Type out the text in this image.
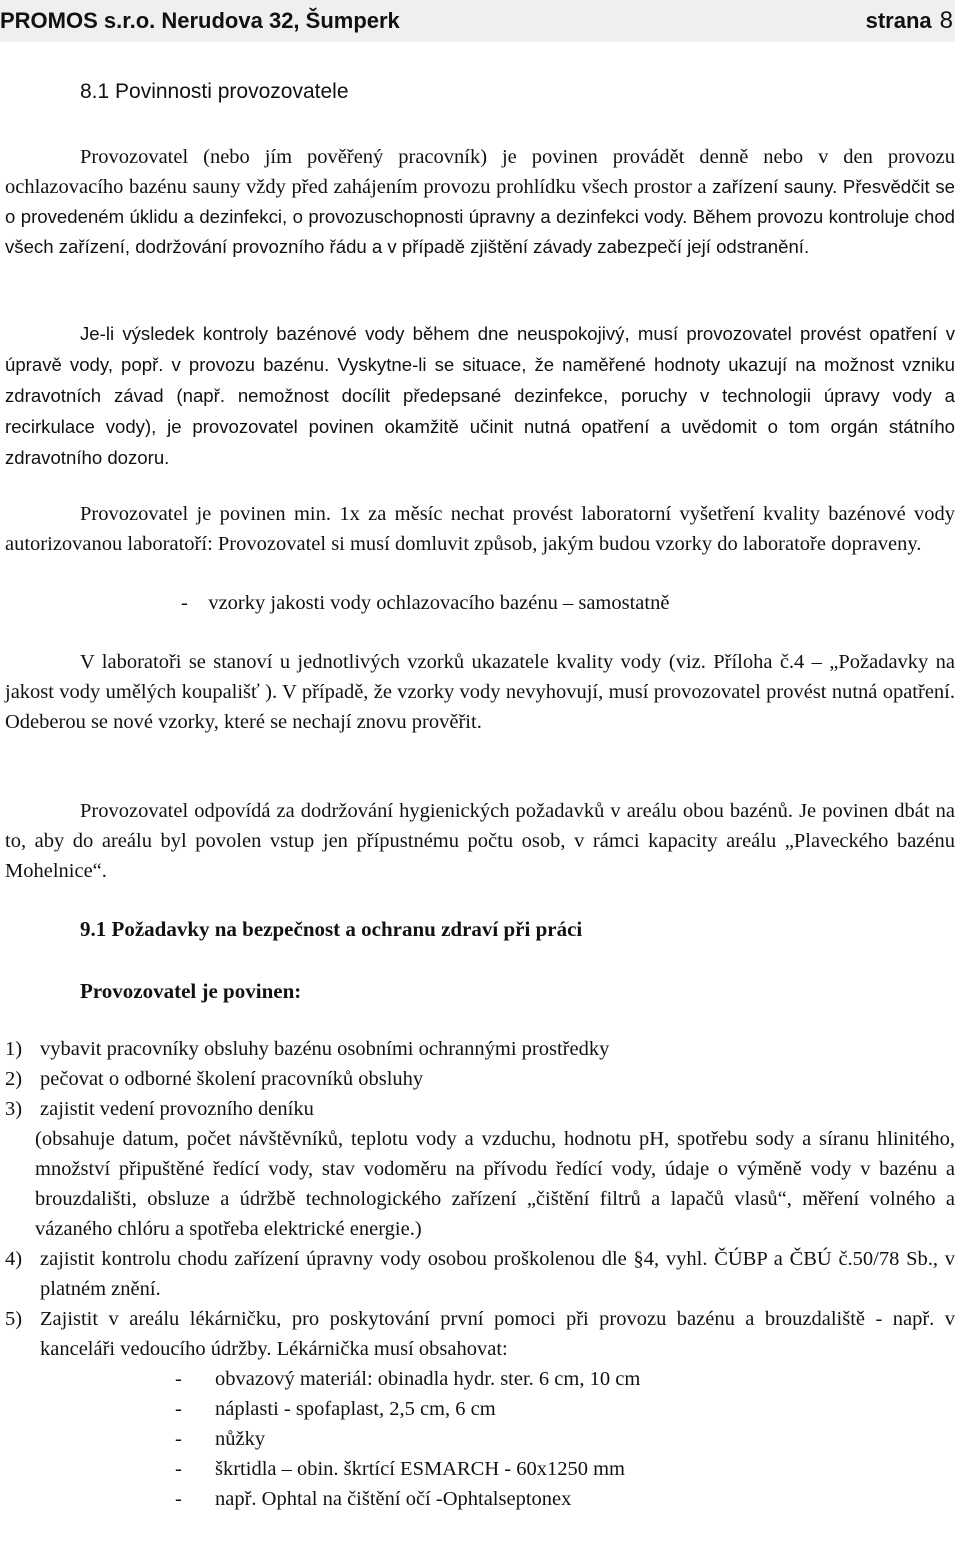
PROMOS s.r.o. Nerudova 32, Šumperk	strana 8
8.1 Povinnosti provozovatele

Provozovatel (nebo jím pověřený pracovník) je povinen provádět denně nebo v den provozu ochlazovacího bazénu sauny vždy před zahájením provozu prohlídku všech prostor a zařízení sauny. Přesvědčit se o provedeném úklidu a dezinfekci, o provozuschopnosti úpravny a dezinfekci vody. Během provozu kontroluje chod všech zařízení, dodržování provozního řádu a v případě zjištění závady zabezpečí její odstranění.

Je-li výsledek kontroly bazénové vody během dne neuspokojivý, musí provozovatel provést opatření v úpravě vody, popř. v provozu bazénu. Vyskytne-li se situace, že naměřené hodnoty ukazují na možnost vzniku zdravotních závad (např. nemožnost docílit předepsané dezinfekce, poruchy v technologii úpravy vody a recirkulace vody), je provozovatel povinen okamžitě učinit nutná opatření a uvědomit o tom orgán státního zdravotního dozoru.

Provozovatel je povinen min. 1x za měsíc nechat provést laboratorní vyšetření kvality bazénové vody autorizovanou laboratoří: Provozovatel si musí domluvit způsob, jakým budou vzorky do laboratoře dopraveny.

-    vzorky jakosti vody ochlazovacího bazénu – samostatně

V laboratoři se stanoví u jednotlivých vzorků ukazatele kvality vody (viz. Příloha č.4 – „Požadavky na jakost vody umělých koupališť ). V případě, že vzorky vody nevyhovují, musí provozovatel provést nutná opatření. Odeberou se nové vzorky, které se nechají znovu prověřit.

Provozovatel odpovídá za dodržování hygienických požadavků v areálu obou bazénů. Je povinen dbát na to, aby do areálu byl povolen vstup jen přípustnému počtu osob, v rámci kapacity areálu „Plaveckého bazénu Mohelnice“.

9.1 Požadavky na bezpečnost a ochranu zdraví při práci
Provozovatel je povinen:
1) vybavit pracovníky obsluhy bazénu osobními ochrannými prostředky
2) pečovat o odborné školení pracovníků obsluhy
3) zajistit vedení provozního deníku
(obsahuje datum, počet návštěvníků, teplotu vody a vzduchu, hodnotu pH, spotřebu sody a síranu hlinitého, množství připuštěné ředící vody, stav vodoměru na přívodu ředící vody, údaje o výměně vody v bazénu a brouzdališti, obsluze a údržbě technologického zařízení „čištění filtrů a lapačů vlasů“, měření volného a vázaného chlóru a spotřeba elektrické energie.)
4) zajistit kontrolu chodu zařízení úpravny vody osobou proškolenou dle §4, vyhl. ČÚBP a ČBÚ č.50/78 Sb., v platném znění.
5) Zajistit v areálu lékárničku, pro poskytování první pomoci při provozu bazénu a brouzdaliště - např. v kanceláři vedoucího údržby. Lékárnička musí obsahovat:
-	obvazový materiál: obinadla hydr. ster. 6 cm, 10 cm
-	náplasti - spofaplast, 2,5 cm, 6 cm
-	nůžky
-	škrtidla – obin. škrtící ESMARCH - 60x1250 mm
-	např. Ophtal na čištění očí -Ophtalseptonex
